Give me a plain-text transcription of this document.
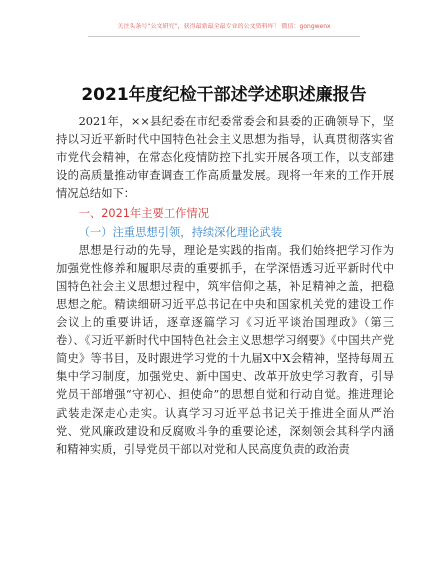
关注头条号“公文研究”，获得最新最全最专业的公文资料库！ 微信：gongwenx
2021年度纪检干部述学述职述廉报告

2021年，××县纪委在市纪委常委会和县委的正确领导下，坚持以习近平新时代中国特色社会主义思想为指导，认真贯彻落实省市党代会精神，在常态化疫情防控下扎实开展各项工作，以支部建设的高质量推动审查调查工作高质量发展。现将一年来的工作开展情况总结如下：

一、2021年主要工作情况

（一）注重思想引领，持续深化理论武装

思想是行动的先导，理论是实践的指南。我们始终把学习作为加强党性修养和履职尽责的重要抓手，在学深悟透习近平新时代中国特色社会主义思想过程中，筑牢信仰之基，补足精神之盖，把稳思想之舵。精读细研习近平总书记在中央和国家机关党的建设工作会议上的重要讲话，逐章逐篇学习《习近平谈治国理政》（第三卷）、《习近平新时代中国特色社会主义思想学习纲要》《中国共产党简史》等书目，及时跟进学习党的十九届X中X会精神，坚持每周五集中学习制度，加强党史、新中国史、改革开放史学习教育，引导党员干部增强“守初心、担使命”的思想自觉和行动自觉。推进理论武装走深走心走实。认真学习习近平总书记关于推进全面从严治党、党风廉政建设和反腐败斗争的重要论述，深刻领会其科学内涵和精神实质，引导党员干部以对党和人民高度负责的政治责
